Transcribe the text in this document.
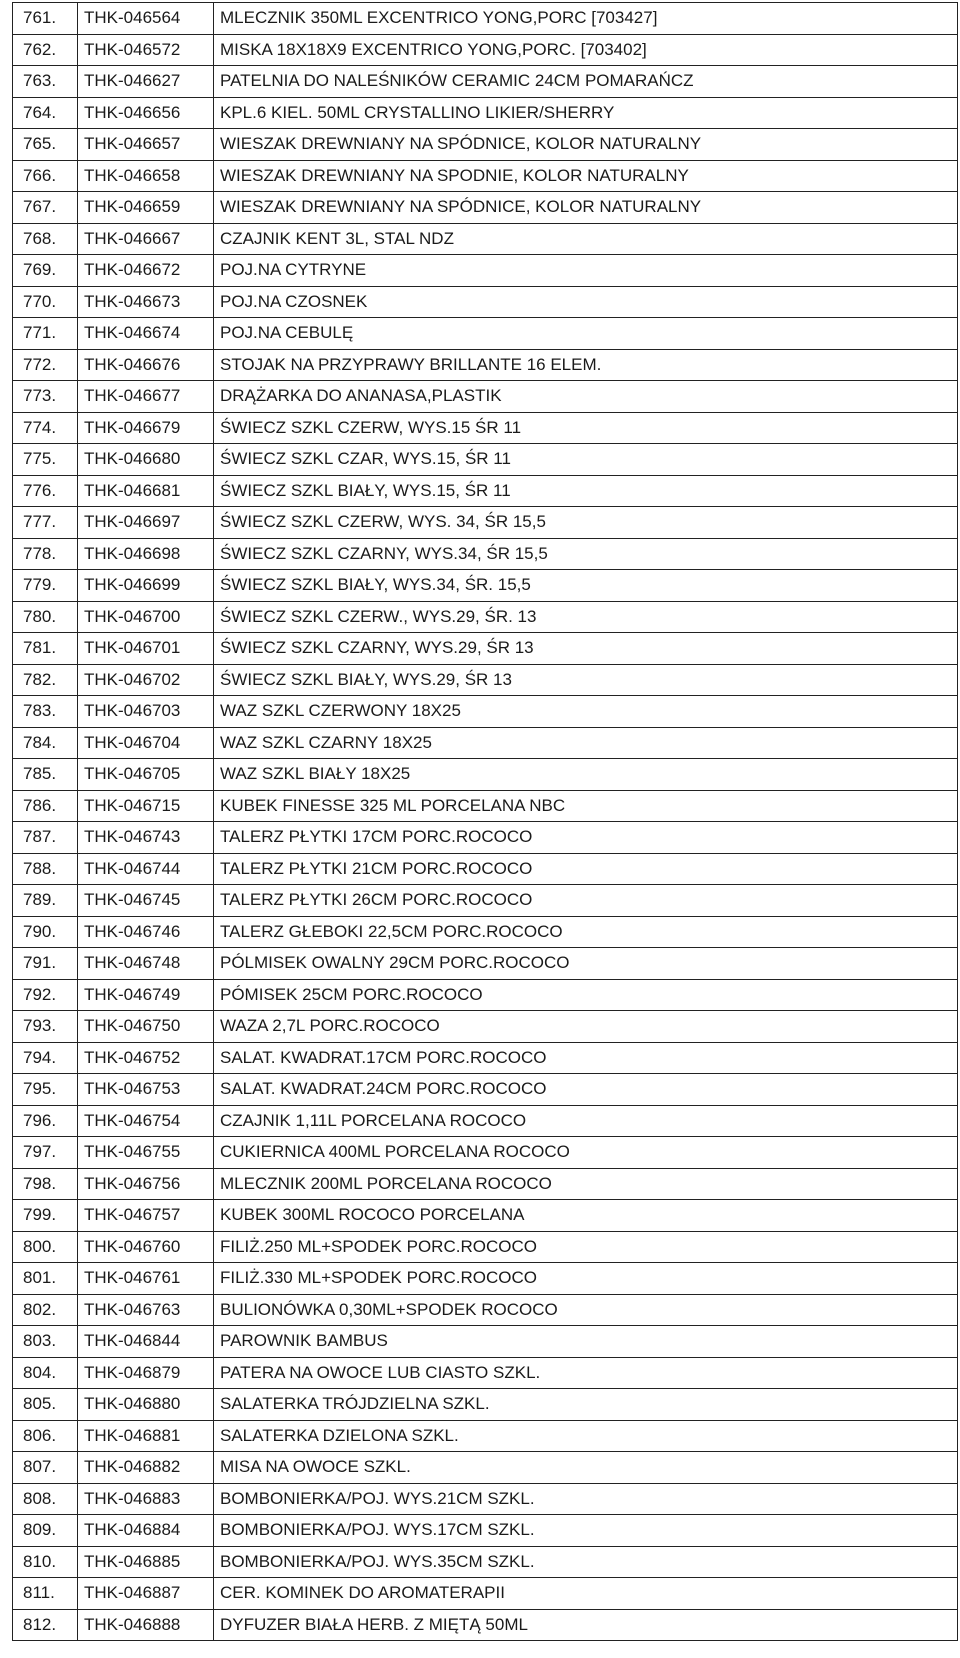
761.	THK-046564	MLECZNIK 350ML EXCENTRICO YONG,PORC [703427]
762.	THK-046572	MISKA 18X18X9 EXCENTRICO YONG,PORC. [703402]
763.	THK-046627	PATELNIA DO NALEŚNIKÓW CERAMIC 24CM POMARAŃCZ
764.	THK-046656	KPL.6 KIEL. 50ML CRYSTALLINO LIKIER/SHERRY
765.	THK-046657	WIESZAK DREWNIANY NA SPÓDNICE, KOLOR NATURALNY
766.	THK-046658	WIESZAK DREWNIANY NA SPODNIE, KOLOR NATURALNY
767.	THK-046659	WIESZAK DREWNIANY NA SPÓDNICE, KOLOR NATURALNY
768.	THK-046667	CZAJNIK KENT 3L, STAL NDZ
769.	THK-046672	POJ.NA CYTRYNE
770.	THK-046673	POJ.NA CZOSNEK
771.	THK-046674	POJ.NA CEBULĘ
772.	THK-046676	STOJAK NA PRZYPRAWY BRILLANTE 16 ELEM.
773.	THK-046677	DRĄŻARKA DO ANANASA,PLASTIK
774.	THK-046679	ŚWIECZ SZKL CZERW, WYS.15 ŚR 11
775.	THK-046680	ŚWIECZ SZKL CZAR, WYS.15, ŚR 11
776.	THK-046681	ŚWIECZ SZKL BIAŁY, WYS.15, ŚR 11
777.	THK-046697	ŚWIECZ SZKL CZERW, WYS. 34, ŚR 15,5
778.	THK-046698	ŚWIECZ SZKL CZARNY, WYS.34, ŚR 15,5
779.	THK-046699	ŚWIECZ SZKL BIAŁY, WYS.34, ŚR. 15,5
780.	THK-046700	ŚWIECZ SZKL CZERW., WYS.29, ŚR. 13
781.	THK-046701	ŚWIECZ SZKL CZARNY, WYS.29, ŚR 13
782.	THK-046702	ŚWIECZ SZKL BIAŁY, WYS.29, ŚR 13
783.	THK-046703	WAZ SZKL CZERWONY 18X25
784.	THK-046704	WAZ SZKL CZARNY 18X25
785.	THK-046705	WAZ SZKL BIAŁY 18X25
786.	THK-046715	KUBEK FINESSE 325 ML PORCELANA NBC
787.	THK-046743	TALERZ PŁYTKI 17CM PORC.ROCOCO
788.	THK-046744	TALERZ PŁYTKI 21CM PORC.ROCOCO
789.	THK-046745	TALERZ PŁYTKI 26CM PORC.ROCOCO
790.	THK-046746	TALERZ GŁEBOKI 22,5CM PORC.ROCOCO
791.	THK-046748	PÓLMISEK OWALNY 29CM PORC.ROCOCO
792.	THK-046749	PÓMISEK 25CM PORC.ROCOCO
793.	THK-046750	WAZA 2,7L PORC.ROCOCO
794.	THK-046752	SALAT. KWADRAT.17CM PORC.ROCOCO
795.	THK-046753	SALAT. KWADRAT.24CM PORC.ROCOCO
796.	THK-046754	CZAJNIK 1,11L PORCELANA ROCOCO
797.	THK-046755	CUKIERNICA 400ML PORCELANA ROCOCO
798.	THK-046756	MLECZNIK 200ML PORCELANA ROCOCO
799.	THK-046757	KUBEK 300ML ROCOCO PORCELANA
800.	THK-046760	FILIŻ.250 ML+SPODEK PORC.ROCOCO
801.	THK-046761	FILIŻ.330 ML+SPODEK PORC.ROCOCO
802.	THK-046763	BULIONÓWKA 0,30ML+SPODEK ROCOCO
803.	THK-046844	PAROWNIK BAMBUS
804.	THK-046879	PATERA NA OWOCE LUB CIASTO SZKL.
805.	THK-046880	SALATERKA TRÓJDZIELNA SZKL.
806.	THK-046881	SALATERKA DZIELONA SZKL.
807.	THK-046882	MISA NA OWOCE SZKL.
808.	THK-046883	BOMBONIERKA/POJ. WYS.21CM SZKL.
809.	THK-046884	BOMBONIERKA/POJ. WYS.17CM SZKL.
810.	THK-046885	BOMBONIERKA/POJ. WYS.35CM SZKL.
811.	THK-046887	CER. KOMINEK DO AROMATERAPII
812.	THK-046888	DYFUZER BIAŁA HERB. Z MIĘTĄ 50ML
